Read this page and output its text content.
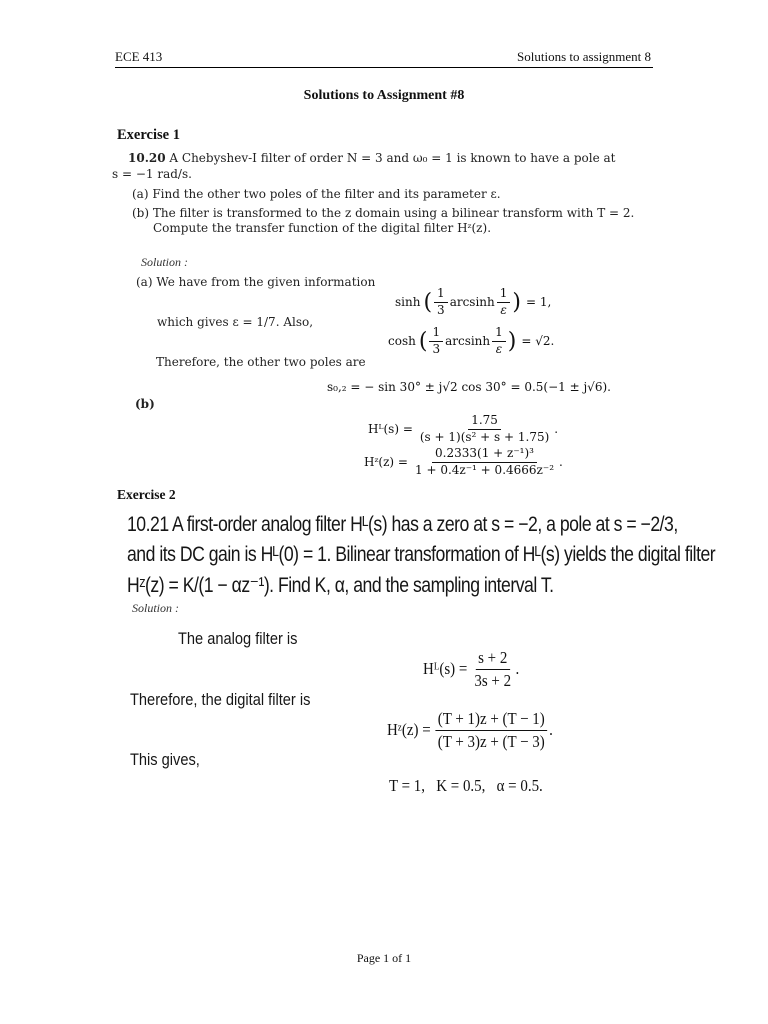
ECE 413	Solutions to assignment 8
Solutions to Assignment #8
Exercise 1
10.20 A Chebyshev-I filter of order N = 3 and ω₀ = 1 is known to have a pole at
s = −1 rad/s.
(a) Find the other two poles of the filter and its parameter ε.
(b) The filter is transformed to the z domain using a bilinear transform with T = 2.
Compute the transfer function of the digital filter Hᶻ(z).
Solution :
(a) We have from the given information
sinh ( $\frac{1}{3}$ arcsinh $\frac{1}{\varepsilon}$ ) = 1,
which gives ε = 1/7. Also,
cosh ( $\frac{1}{3}$ arcsinh $\frac{1}{\varepsilon}$ ) = √2.
Therefore, the other two poles are
s₀,₂ = − sin 30° ± j√2 cos 30° = 0.5(−1 ± j√6).
(b)
Hᴸ(s) = $\frac{1.75}{\text{(s + 1)(s² + s + 1.75)}}$ .
Hᶻ(z) = $\frac{\text{0.2333(1 + z⁻¹)³}}{\text{1 + 0.4z⁻¹ + 0.4666z⁻²}}$ .
Exercise 2
10.21 A first-order analog filter Hᴸ(s) has a zero at s = −2, a pole at s = −2/3,
and its DC gain is Hᴸ(0) = 1. Bilinear transformation of Hᴸ(s) yields the digital filter
Hᶻ(z) = K/(1 − αz⁻¹). Find K, α, and the sampling interval T.
Solution :
The analog filter is
Hᴸ(s) = $\frac{s + 2}{3s + 2}$ .
Therefore, the digital filter is
Hᶻ(z) = $\frac{(T + 1)z + (T - 1)}{(T + 3)z + (T - 3)}$ .
This gives,
T = 1,   K = 0.5,   α = 0.5.
Page 1 of 1
